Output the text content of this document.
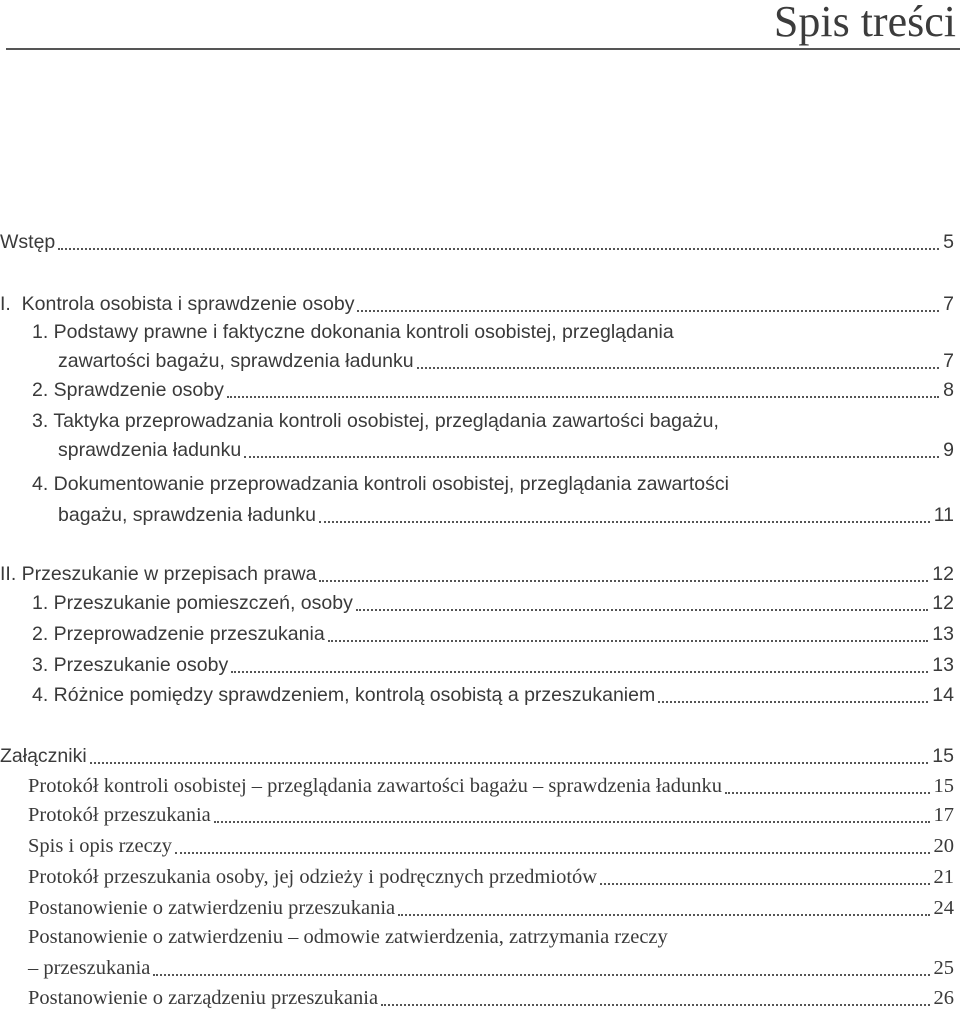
Spis treści
Wstęp	5
I.  Kontrola osobista i sprawdzenie osoby	7
1. Podstawy prawne i faktyczne dokonania kontroli osobistej, przeglądania
zawartości bagażu, sprawdzenia ładunku	7
2. Sprawdzenie osoby	8
3. Taktyka przeprowadzania kontroli osobistej, przeglądania zawartości bagażu,
sprawdzenia ładunku	9
4. Dokumentowanie przeprowadzania kontroli osobistej, przeglądania zawartości
bagażu, sprawdzenia ładunku	11
II. Przeszukanie w przepisach prawa	12
1. Przeszukanie pomieszczeń, osoby	12
2. Przeprowadzenie przeszukania	13
3. Przeszukanie osoby	13
4. Różnice pomiędzy sprawdzeniem, kontrolą osobistą a przeszukaniem	14
Załączniki	15
Protokół kontroli osobistej – przeglądania zawartości bagażu – sprawdzenia ładunku	15
Protokół przeszukania	17
Spis i opis rzeczy	20
Protokół przeszukania osoby, jej odzieży i podręcznych przedmiotów	21
Postanowienie o zatwierdzeniu przeszukania	24
Postanowienie o zatwierdzeniu – odmowie zatwierdzenia, zatrzymania rzeczy
– przeszukania	25
Postanowienie o zarządzeniu przeszukania	26
